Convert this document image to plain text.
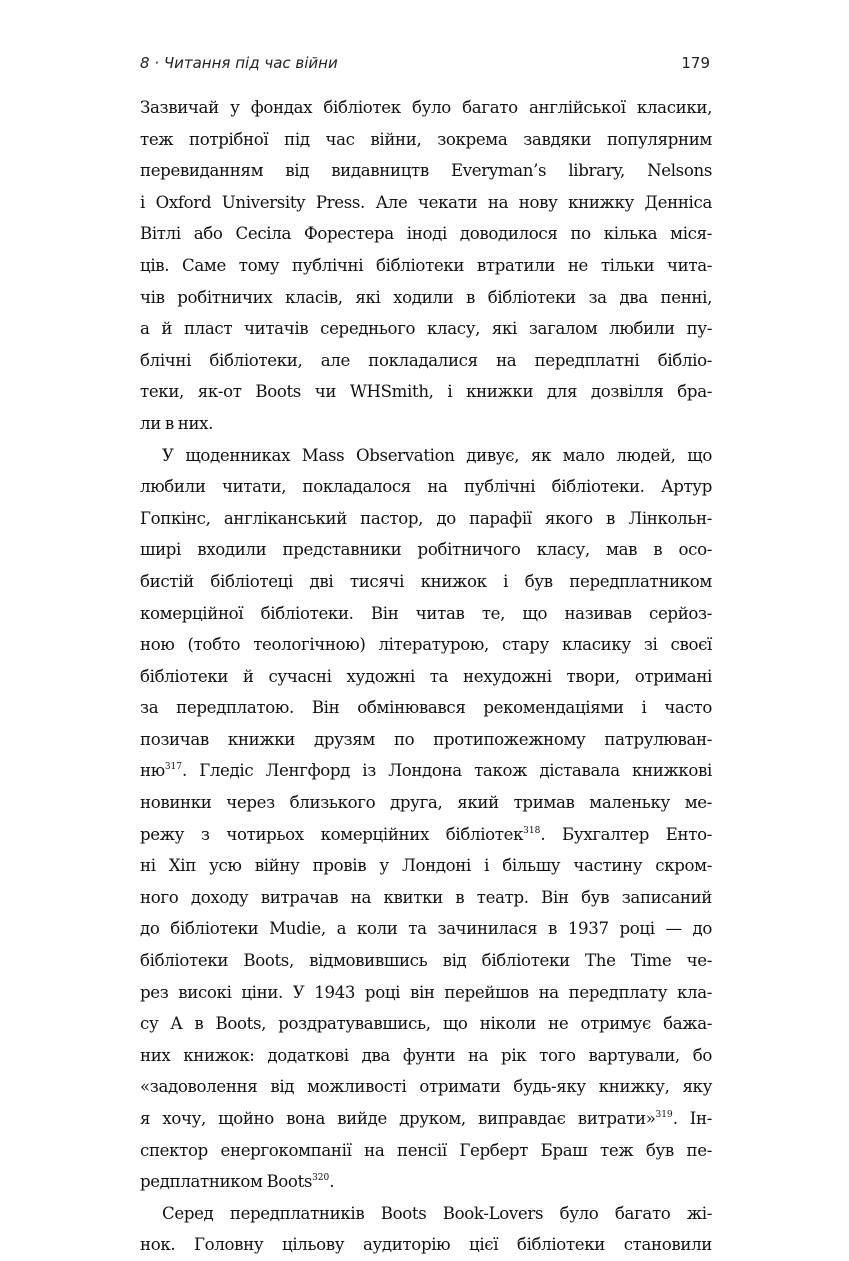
8 · Читання під час війни	179

Зазвичай у фондах бібліотек було багато англійської класики,
теж потрібної під час війни, зокрема завдяки популярним
перевиданням від видавництв Everyman’s library, Nelsons
і Oxford University Press. Але чекати на нову книжку Денніса
Вітлі або Сесіла Форестера іноді доводилося по кілька міся-
ців. Саме тому публічні бібліотеки втратили не тільки чита-
чів робітничих класів, які ходили в бібліотеки за два пенні,
а й пласт читачів середнього класу, які загалом любили пу-
блічні бібліотеки, але покладалися на передплатні бібліо-
теки, як-от Boots чи WHSmith, і книжки для дозвілля бра-
ли в них.

У щоденниках Mass Observation дивує, як мало людей, що
любили читати, покладалося на публічні бібліотеки. Артур
Гопкінс, англіканський пастор, до парафії якого в Лінкольн-
ширі входили представники робітничого класу, мав в осо-
бистій бібліотеці дві тисячі книжок і був передплатником
комерційної бібліотеки. Він читав те, що називав серйоз-
ною (тобто теологічною) літературою, стару класику зі своєї
бібліотеки й сучасні художні та нехудожні твори, отримані
за передплатою. Він обмінювався рекомендаціями і часто
позичав книжки друзям по протипожежному патрулюван-
$ню^{317}$. Гледіс Ленгфорд із Лондона також діставала книжкові
новинки через близького друга, який тримав маленьку ме-
режу з чотирьох комерційних бібліотек$^{318}$. Бухгалтер Енто-
ні Хіп усю війну провів у Лондоні і більшу частину скром-
ного доходу витрачав на квитки в театр. Він був записаний
до бібліотеки Mudie, а коли та зачинилася в 1937 році — до
бібліотеки Boots, відмовившись від бібліотеки The Time че-
рез високі ціни. У 1943 році він перейшов на передплату кла-
су A в Boots, роздратувавшись, що ніколи не отримує бажа-
них книжок: додаткові два фунти на рік того вартували, бо
«задоволення від можливості отримати будь-яку книжку, яку
я хочу, щойно вона вийде друком, виправдає витрати»$^{319}$. Ін-
спектор енергокомпанії на пенсії Герберт Браш теж був пе-
редплатником Boots$^{320}$.

Серед передплатників Boots Book-Lovers було багато жі-
нок. Головну цільову аудиторію цієї бібліотеки становили
